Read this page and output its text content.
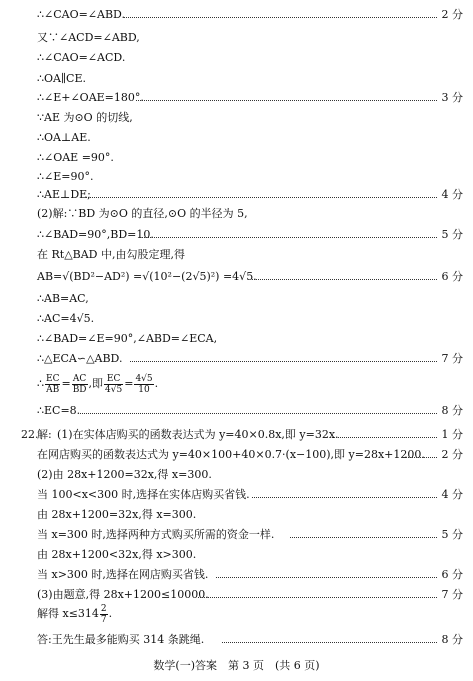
∴∠CAO=∠ABD.	2 分
又∵∠ACD=∠ABD,
∴∠CAO=∠ACD.
∴OA∥CE.
∴∠E+∠OAE=180°.	3 分
∵AE 为⊙O 的切线,
∴OA⊥AE.
∴∠OAE =90°.
∴∠E=90°.
∴AE⊥DE;	4 分
(2)解:∵BD 为⊙O 的直径,⊙O 的半径为 5,
∴∠BAD=90°,BD=10.	5 分
在 Rt△BAD 中,由勾股定理,得
AB=√(BD²−AD²) =√(10²−(2√5)²) =4√5.	6 分
∴AB=AC,
∴AC=4√5.
∴∠BAD=∠E=90°,∠ABD=∠ECA,
∴△ECA∽△ABD.	7 分
∴EC=8.	8 分
解: (1)在实体店购买的函数表达式为 y=40×0.8x,即 y=32x.	1 分
22.
在网店购买的函数表达式为 y=40×100+40×0.7·(x−100),即 y=28x+1200. 2 分
(2)由 28x+1200=32x,得 x=300.
当 100<x<300 时,选择在实体店购买省钱.	4 分
由 28x+1200=32x,得 x=300.
当 x=300 时,选择两种方式购买所需的资金一样.	5 分
由 28x+1200<32x,得 x>300.
当 x>300 时,选择在网店购买省钱.	6 分
(3)由题意,得 28x+1200≤10000.	7 分
答:王先生最多能购买 314 条跳绳.	8 分
∴ $\frac{EC}{AB} = \frac{AC}{BD}$ ,即 $\frac{EC}{4√5} = \frac{4√5}{10}$ .
解得 $x\le 314 \frac{2}{7}$ .
数学(一)答案　第 3 页　(共 6 页)
